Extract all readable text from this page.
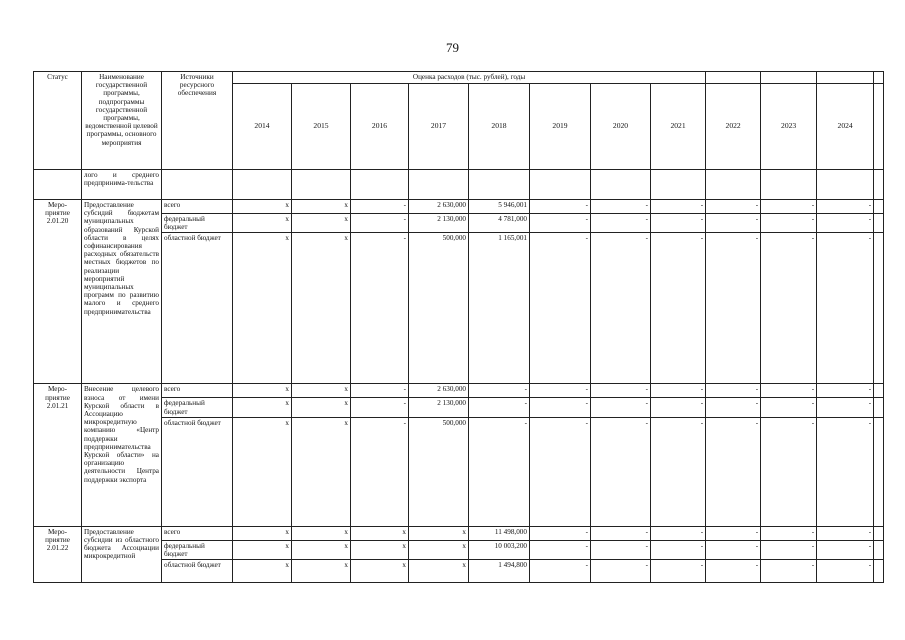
79
Статус	Наименование государственной программы, подпрограммы государственной программы, ведомственной целевой программы, основного мероприятия	Источники ресурсного обеспечения	Оценка расходов (тыс. рублей), годы											
			2014	2015	2016	2017	2018	2019	2020	2021	2022	2023	2024	
	лого и среднего предпринима-тельства													
Меро-приятие 2.01.20	Предоставление субсидий бюджетам муниципальных образований Курской области в целях софинансирования расходных обязательств местных бюджетов по реализации мероприятий муниципальных программ по развитию малого и среднего предпринимательства	всего	x	x	-	2 630,000	5 946,001	-	-	-	-	-	-	
		федеральный бюджет	x	x	-	2 130,000	4 781,000	-	-	-	-	-	-	
		областной бюджет	x	x	-	500,000	1 165,001	-	-	-	-	-	-	
Меро-приятие 2.01.21	Внесение целевого взноса от имени Курской области в Ассоциацию микрокредитную компанию «Центр поддержки предпринимательства Курской области» на организацию деятельности Центра поддержки экспорта	всего	x	x	-	2 630,000	-	-	-	-	-	-	-	
		федеральный бюджет	x	x	-	2 130,000	-	-	-	-	-	-	-	
		областной бюджет	x	x	-	500,000	-	-	-	-	-	-	-	
Меро-приятие 2.01.22	Предоставление субсидии из областного бюджета Ассоциации микрокредитной	всего	x	x	x	x	11 498,000	-	-	-	-	-	-	
		федеральный бюджет	x	x	x	x	10 003,200	-	-	-	-	-	-	
		областной бюджет	x	x	x	x	1 494,800	-	-	-	-	-	-	
